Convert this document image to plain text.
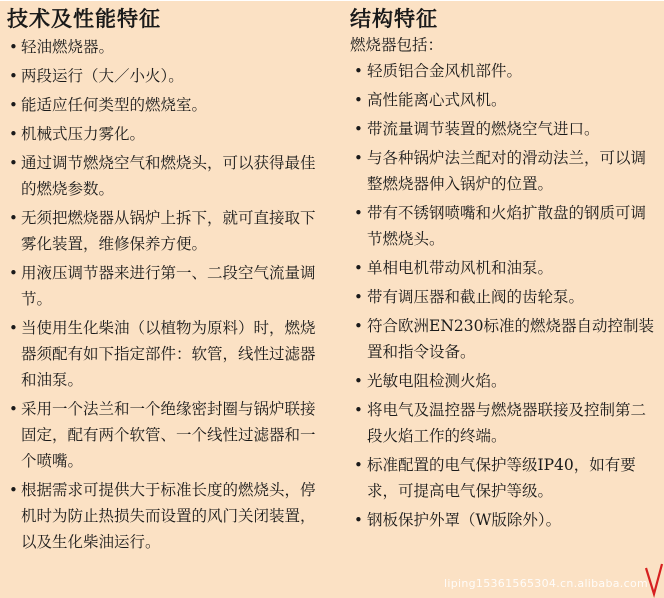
技术及性能特征
• 轻油燃烧器。
• 两段运行（大／小火）。
• 能适应任何类型的燃烧室。
• 机械式压力雾化。
• 通过调节燃烧空气和燃烧头，可以获得最佳的燃烧参数。
• 无须把燃烧器从锅炉上拆下，就可直接取下雾化装置，维修保养方便。
• 用液压调节器来进行第一、二段空气流量调节。
• 当使用生化柴油（以植物为原料）时，燃烧器须配有如下指定部件：软管，线性过滤器和油泵。
• 采用一个法兰和一个绝缘密封圈与锅炉联接固定，配有两个软管、一个线性过滤器和一个喷嘴。
• 根据需求可提供大于标准长度的燃烧头，停机时为防止热损失而设置的风门关闭装置，以及生化柴油运行。
结构特征

燃烧器包括：

• 轻质铝合金风机部件。
• 高性能离心式风机。
• 带流量调节装置的燃烧空气进口。
• 与各种锅炉法兰配对的滑动法兰，可以调整燃烧器伸入锅炉的位置。
• 带有不锈钢喷嘴和火焰扩散盘的钢质可调节燃烧头。
• 单相电机带动风机和油泵。
• 带有调压器和截止阀的齿轮泵。
• 符合欧洲EN230标准的燃烧器自动控制装置和指令设备。
• 光敏电阻检测火焰。
• 将电气及温控器与燃烧器联接及控制第二段火焰工作的终端。
• 标准配置的电气保护等级IP40，如有要求，可提高电气保护等级。
• 钢板保护外罩（W版除外）。
liping15361565304.cn.alibaba.com
